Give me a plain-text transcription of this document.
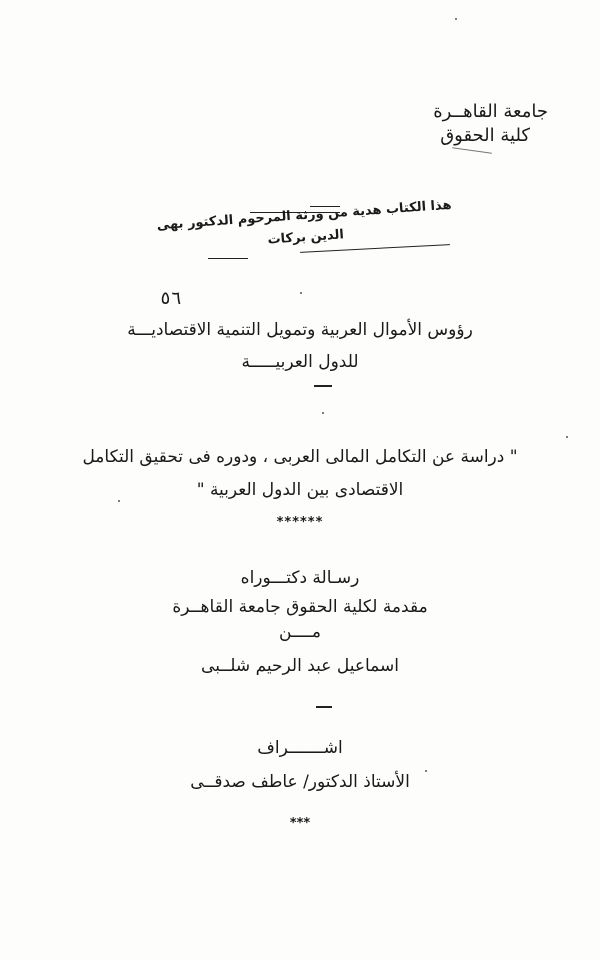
جامعة القاهــرة
كلية الحقوق
هذا الكتاب هدية من ورثة المرحوم الدكتور بهى الدين بركات
٥٦
رؤوس الأموال العربية وتمويل التنمية الاقتصاديـــة
للدول العربيـــــة
" دراسة عن التكامل المالى العربى ، ودوره فى تحقيق التكامل
الاقتصادى بين الدول العربية "
******
رسـالة دكتـــوراه
مقدمة لكلية الحقوق جامعة القاهــرة
مــــن
اسماعيل عبد الرحيم شلــبى
اشـــــــراف
الأستاذ الدكتور/ عاطف صدقــى
***
